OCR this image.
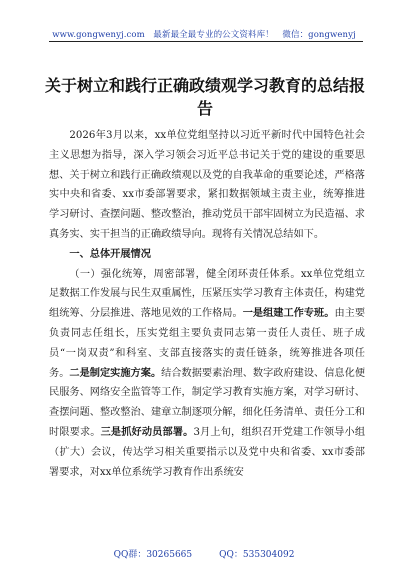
www.gongwenyj.com　最新最全最专业的公文资料库！　微信：gongwenyj
关于树立和践行正确政绩观学习教育的总结报告

2026年3月以来，xx单位党组坚持以习近平新时代中国特色社会主义思想为指导，深入学习领会习近平总书记关于党的建设的重要思想、关于树立和践行正确政绩观以及党的自我革命的重要论述，严格落实中央和省委、xx市委部署要求，紧扣数据领域主责主业，统筹推进学习研讨、查摆问题、整改整治，推动党员干部牢固树立为民造福、求真务实、实干担当的正确政绩导向。现将有关情况总结如下。

一、总体开展情况

（一）强化统筹，周密部署，健全闭环责任体系。xx单位党组立足数据工作发展与民生双重属性，压紧压实学习教育主体责任，构建党组统筹、分层推进、落地见效的工作格局。一是组建工作专班。由主要负责同志任组长，压实党组主要负责同志第一责任人责任、班子成员“一岗双责”和科室、支部直接落实的责任链条，统筹推进各项任务。二是制定实施方案。结合数据要素治理、数字政府建设、信息化便民服务、网络安全监管等工作，制定学习教育实施方案，对学习研讨、查摆问题、整改整治、建章立制逐项分解，细化任务清单、责任分工和时限要求。三是抓好动员部署。3月上旬，组织召开党建工作领导小组（扩大）会议，传达学习相关重要指示以及党中央和省委、xx市委部署要求，对xx单位系统学习教育作出系统安

QQ群：30265665　　　QQ：535304092
